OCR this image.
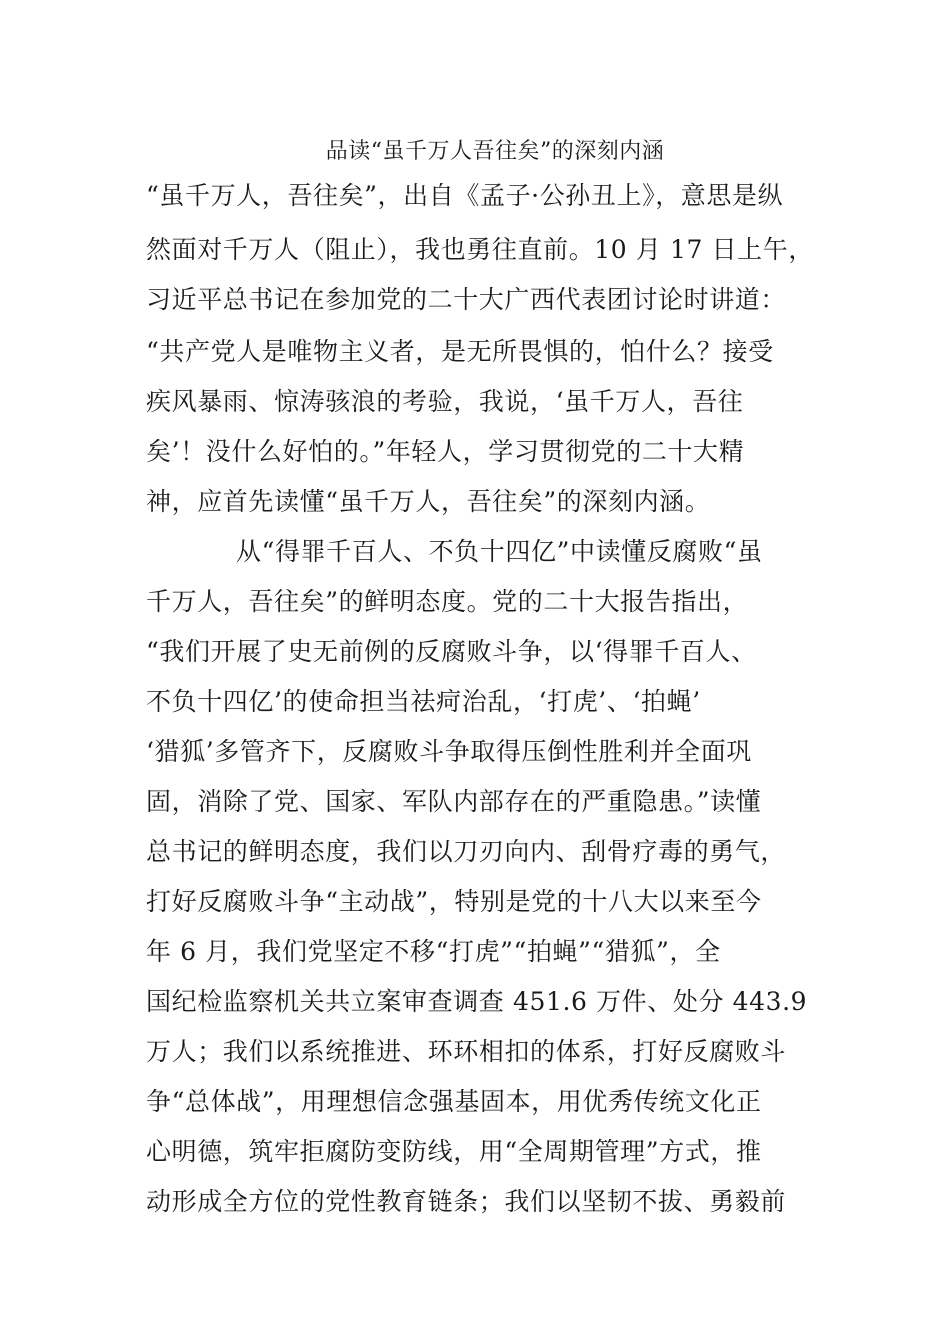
品读“虽千万人吾往矣”的深刻内涵
“虽千万人，吾往矣”，出自《孟子·公孙丑上》，意思是纵
然面对千万人（阻止），我也勇往直前。10 月 17 日上午，
习近平总书记在参加党的二十大广西代表团讨论时讲道：
“共产党人是唯物主义者，是无所畏惧的，怕什么？接受
疾风暴雨、惊涛骇浪的考验，我说，‘虽千万人，吾往
矣’！没什么好怕的。”年轻人，学习贯彻党的二十大精
神，应首先读懂“虽千万人，吾往矣”的深刻内涵。
从“得罪千百人、不负十四亿”中读懂反腐败“虽
千万人，吾往矣”的鲜明态度。党的二十大报告指出，
“我们开展了史无前例的反腐败斗争，以‘得罪千百人、
不负十四亿’的使命担当祛疴治乱，‘打虎’、‘拍蝇’
‘猎狐’多管齐下，反腐败斗争取得压倒性胜利并全面巩
固，消除了党、国家、军队内部存在的严重隐患。”读懂
总书记的鲜明态度，我们以刀刃向内、刮骨疗毒的勇气，
打好反腐败斗争“主动战”，特别是党的十八大以来至今
年 6 月，我们党坚定不移“打虎”“拍蝇”“猎狐”，全
国纪检监察机关共立案审查调查 451.6 万件、处分 443.9
万人；我们以系统推进、环环相扣的体系，打好反腐败斗
争“总体战”，用理想信念强基固本，用优秀传统文化正
心明德，筑牢拒腐防变防线，用“全周期管理”方式，推
动形成全方位的党性教育链条；我们以坚韧不拔、勇毅前
